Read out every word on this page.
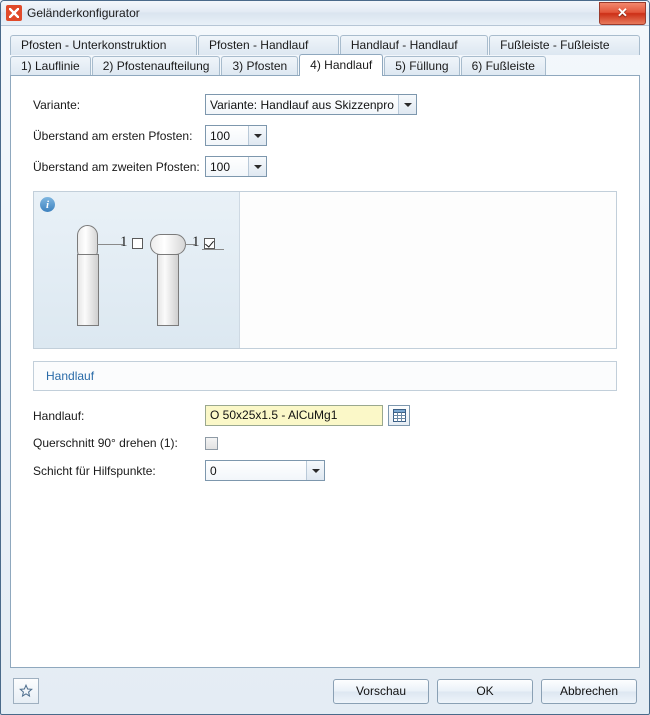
Geländerkonfigurator	✕
Pfosten - Unterkonstruktion	Pfosten - Handlauf	Handlauf - Handlauf	Fußleiste - Fußleiste
1) Lauflinie	2) Pfostenaufteilung	3) Pfosten	4) Handlauf	5) Füllung	6) Fußleiste
Variante:	Variante: Handlauf aus Skizzenpro
Überstand am ersten Pfosten:	100
Überstand am zweiten Pfosten: 100
i
1	1
Handlauf
Handlauf:	O 50x25x1.5 - AlCuMg1
Querschnitt 90° drehen (1):
Schicht für Hilfspunkte:	0
Vorschau	OK	Abbrechen
